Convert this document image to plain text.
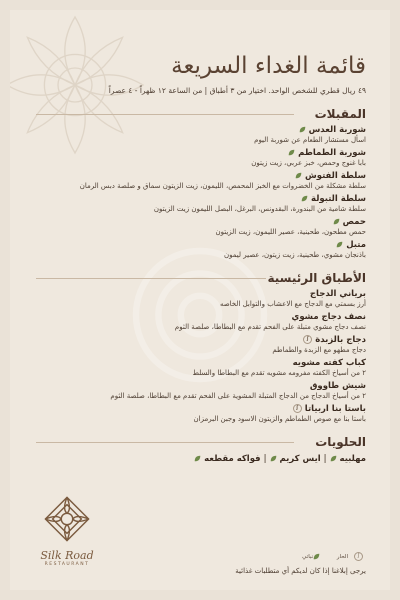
قائمة الغداء السريعة
٤٩ ريال قطري للشخص الواحد. اختيار من ٣ أطباق | من الساعة ١٢ ظهراً - ٤ عصراً
المقبلات
شوربة العدس
اسأل مستشار الطعام عن شوربة اليوم
شوربة الطماطم
بابا غنوج وحمص، خبز عربي، زيت زيتون
سلطة الفتوش
سلطة مشكلة من الخضروات مع الخبز المحمص، الليمون، زيت الزيتون سماق و صلصة دبس الرمان
سلطة التبولة
سلطة شامية من البندورة، البقدونس، البرغل، البصل الليمون زيت الزيتون
حمص
حمص مطحون، طحينية، عصير الليمون، زيت الزيتون
متبل
باذنجان مشوي، طحينية، زيت زيتون، عصير ليمون
الأطباق الرئيسية
برياني الدجاج
أرز بسمتي مع الدجاج مع الاعشاب والتوابل الخاصه
نصف دجاج مشوي
نصف دجاج مشوي متبلة على الفحم تقدم مع البطاطا، صلصة الثوم
دجاج بالزبدةʃ
دجاج مطهو مع الزبدة والطماطم
كباب كفته مشويه
٢ من أسياخ الكفته مفرومه مشويه تقدم مع البطاطا والسلط
شيش طاووق
٢ من أسياخ الدجاج من الدجاج المتبلة المشوية على الفحم تقدم مع البطاطا، صلصة الثوم
باستا بنا اربياتاʃ
باستا بنا مع صوص الطماطم والزيتون الاسود وجبن البرمزان
الحلويات
مهلبيه|ايس كريم|فواكه مقطعه
Silk Road
RESTAURANT
ʃالحار نباتي
يرجى إبلاغنا إذا كان لديكم أي متطلبات غذائية
